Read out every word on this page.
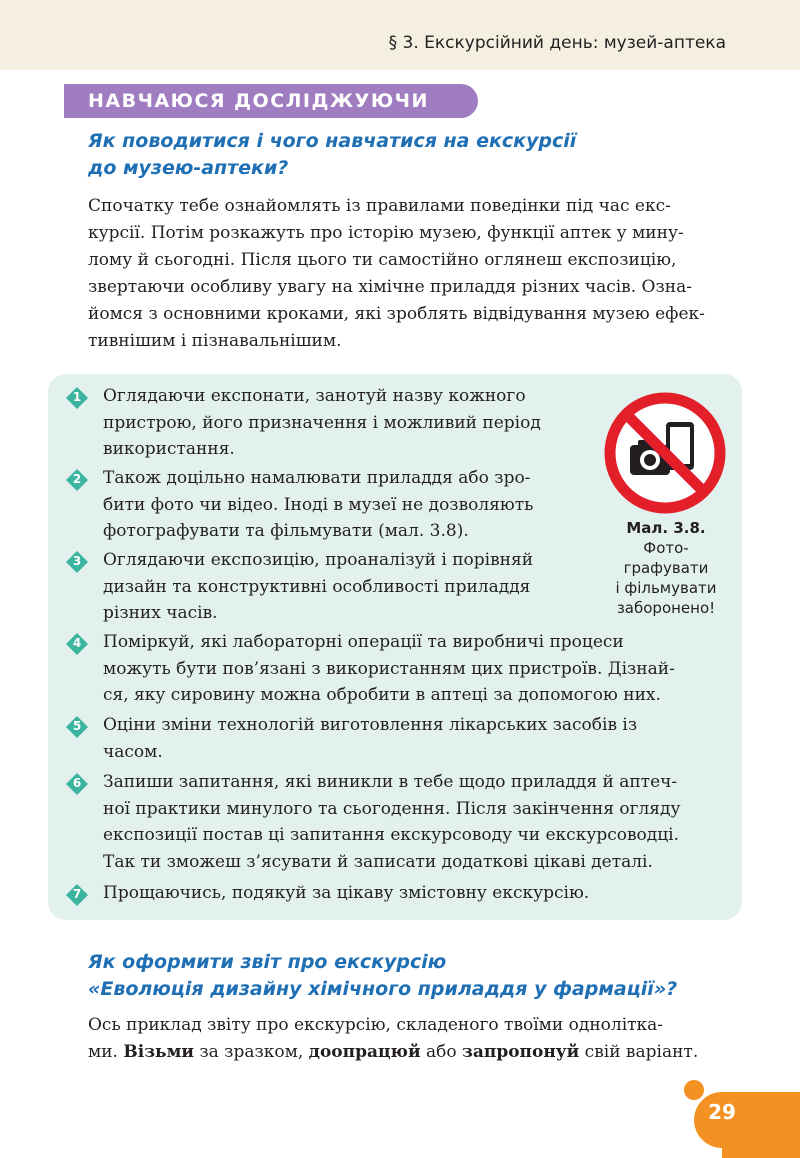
§ 3. Екскурсійний день: музей-аптека
НАВЧАЮСЯ ДОСЛІДЖУЮЧИ
Як поводитися і чого навчатися на екскурсії
до музею-аптеки?

Спочатку тебе ознайомлять із правилами поведінки під час екс-

курсії. Потім розкажуть про історію музею, функції аптек у мину-

лому й сьогодні. Після цього ти самостійно оглянеш експозицію,

звертаючи особливу увагу на хімічне приладдя різних часів. Озна-

йомся з основними кроками, які зроблять відвідування музею ефек-

тивнішим і пізнавальнішим.

1	Оглядаючи експонати, занотуй назву кожного

пристрою, його призначення і можливий період

використання.

2	Також доцільно намалювати приладдя або зро-

бити фото чи відео. Іноді в музеї не дозволяють

фотографувати та фільмувати (мал. 3.8).

3	Оглядаючи експозицію, проаналізуй і порівняй

дизайн та конструктивні особливості приладдя

різних часів.

4	Поміркуй, які лабораторні операції та виробничі процеси

можуть бути пов’язані з використанням цих пристроїв. Дізнай-

ся, яку сировину можна обробити в аптеці за допомогою них.

5	Оціни зміни технологій виготовлення лікарських засобів із

часом.

6	Запиши запитання, які виникли в тебе щодо приладдя й аптеч-

ної практики минулого та сьогодення. Після закінчення огляду

експозиції постав ці запитання екскурсоводу чи екскурсоводці.

Так ти зможеш з’ясувати й записати додаткові цікаві деталі.

7	Прощаючись, подякуй за цікаву змістовну екскурсію.

Мал. 3.8.
Фото-
графувати
і фільмувати
заборонено!
Як оформити звіт про екскурсію
«Еволюція дизайну хімічного приладдя у фармації»?

Ось приклад звіту про екскурсію, складеного твоїми однолітка-

ми. Візьми за зразком, доопрацюй або запропонуй свій варіант.

29
